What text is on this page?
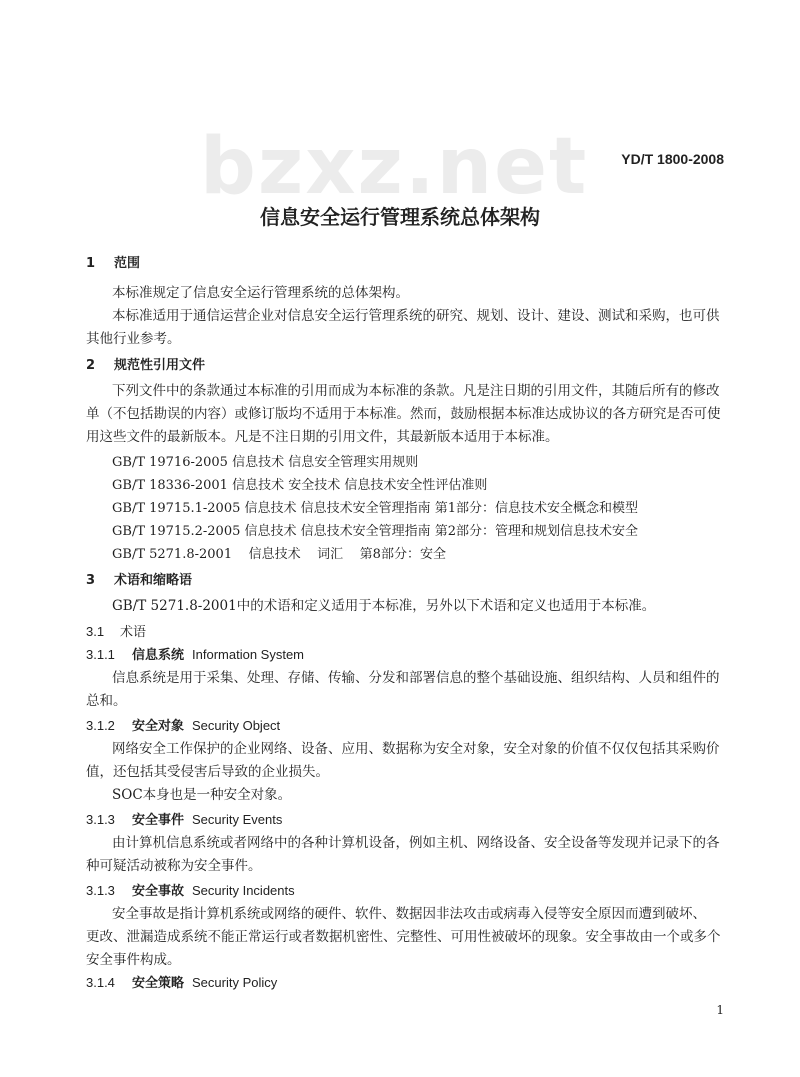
bzxz.net YD/T 1800-2008
信息安全运行管理系统总体架构
1 范围
本标准规定了信息安全运行管理系统的总体架构。
本标准适用于通信运营企业对信息安全运行管理系统的研究、规划、设计、建设、测试和采购，也可供
其他行业参考。
2 规范性引用文件
下列文件中的条款通过本标准的引用而成为本标准的条款。凡是注日期的引用文件，其随后所有的修改
单（不包括勘误的内容）或修订版均不适用于本标准。然而，鼓励根据本标准达成协议的各方研究是否可使
用这些文件的最新版本。凡是不注日期的引用文件，其最新版本适用于本标准。
GB/T 19716-2005 信息技术 信息安全管理实用规则
GB/T 18336-2001 信息技术 安全技术 信息技术安全性评估准则
GB/T 19715.1-2005 信息技术 信息技术安全管理指南 第1部分：信息技术安全概念和模型
GB/T 19715.2-2005 信息技术 信息技术安全管理指南 第2部分：管理和规划信息技术安全
GB/T 5271.8-2001    信息技术    词汇    第8部分：安全
3 术语和缩略语
GB/T 5271.8-2001中的术语和定义适用于本标准，另外以下术语和定义也适用于本标准。
3.1 术语
3.1.1 信息系统 Information System
信息系统是用于采集、处理、存储、传输、分发和部署信息的整个基础设施、组织结构、人员和组件的
总和。
3.1.2 安全对象 Security Object
网络安全工作保护的企业网络、设备、应用、数据称为安全对象，安全对象的价值不仅仅包括其采购价
值，还包括其受侵害后导致的企业损失。
SOC本身也是一种安全对象。
3.1.3 安全事件 Security Events
由计算机信息系统或者网络中的各种计算机设备，例如主机、网络设备、安全设备等发现并记录下的各
种可疑活动被称为安全事件。
3.1.3 安全事故 Security Incidents
安全事故是指计算机系统或网络的硬件、软件、数据因非法攻击或病毒入侵等安全原因而遭到破坏、
更改、泄漏造成系统不能正常运行或者数据机密性、完整性、可用性被破坏的现象。安全事故由一个或多个
安全事件构成。
3.1.4 安全策略 Security Policy
1
